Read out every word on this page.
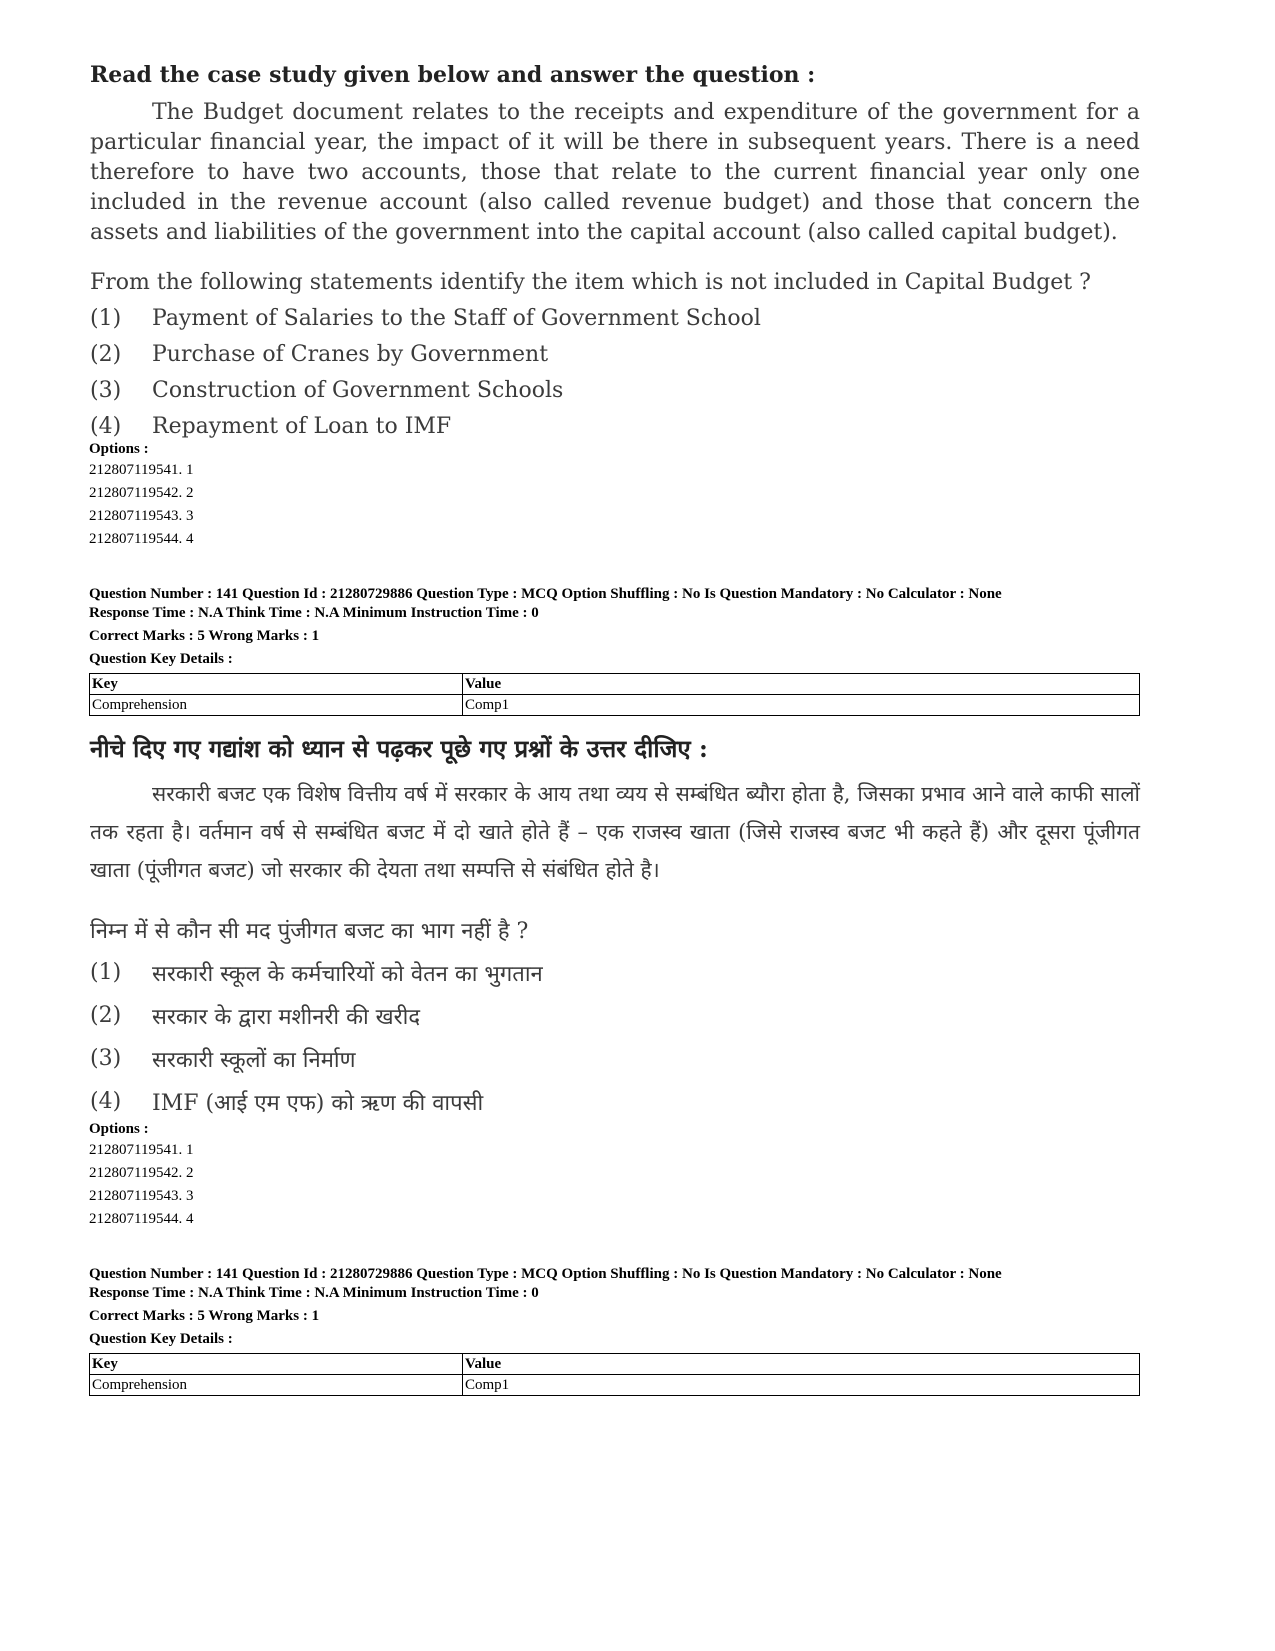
Read the case study given below and answer the question :

The Budget document relates to the receipts and expenditure of the government for a particular financial year, the impact of it will be there in subsequent years. There is a need therefore to have two accounts, those that relate to the current financial year only one included in the revenue account (also called revenue budget) and those that concern the assets and liabilities of the government into the capital account (also called capital budget).

From the following statements identify the item which is not included in Capital Budget ?

(1)	Payment of Salaries to the Staff of Government School
(2)	Purchase of Cranes by Government
(3)	Construction of Government Schools
(4)	Repayment of Loan to IMF
Options :
212807119541. 1
212807119542. 2
212807119543. 3
212807119544. 4
Question Number : 141 Question Id : 21280729886 Question Type : MCQ Option Shuffling : No Is Question Mandatory : No Calculator : None
Response Time : N.A Think Time : N.A Minimum Instruction Time : 0
Correct Marks : 5 Wrong Marks : 1
Question Key Details :
Key	Value
Comprehension	Comp1
नीचे दिए गए गद्यांश को ध्यान से पढ़कर पूछे गए प्रश्नों के उत्तर दीजिए :

सरकारी बजट एक विशेष वित्तीय वर्ष में सरकार के आय तथा व्यय से सम्बंधित ब्यौरा होता है, जिसका प्रभाव आने वाले काफी सालों तक रहता है। वर्तमान वर्ष से सम्बंधित बजट में दो खाते होते हैं – एक राजस्व खाता (जिसे राजस्व बजट भी कहते हैं) और दूसरा पूंजीगत खाता (पूंजीगत बजट) जो सरकार की देयता तथा सम्पत्ति से संबंधित होते है।

निम्न में से कौन सी मद पुंजीगत बजट का भाग नहीं है ?

(1)	सरकारी स्कूल के कर्मचारियों को वेतन का भुगतान
(2)	सरकार के द्वारा मशीनरी की खरीद
(3)	सरकारी स्कूलों का निर्माण
(4)	IMF (आई एम एफ) को ऋण की वापसी
Options :
212807119541. 1
212807119542. 2
212807119543. 3
212807119544. 4
Question Number : 141 Question Id : 21280729886 Question Type : MCQ Option Shuffling : No Is Question Mandatory : No Calculator : None
Response Time : N.A Think Time : N.A Minimum Instruction Time : 0
Correct Marks : 5 Wrong Marks : 1
Question Key Details :
Key	Value
Comprehension	Comp1
